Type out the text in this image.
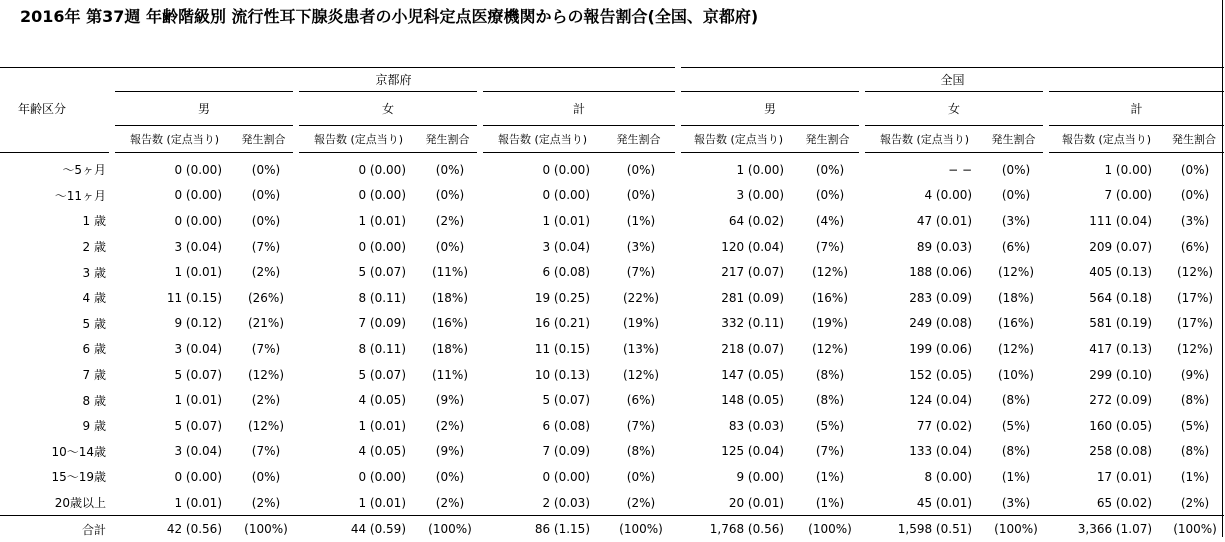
2016年 第37週 年齢階級別 流行性耳下腺炎患者の小児科定点医療機関からの報告割合(全国、京都府)
	京都府						全国					
年齢区分	男		女		計		男		女		計	
	報告数 (定点当り)	発生割合	報告数 (定点当り)	発生割合	報告数 (定点当り)	発生割合	報告数 (定点当り)	発生割合	報告数 (定点当り)	発生割合	報告数 (定点当り)	発生割合

〜5ヶ月	0 (0.00)	(0%)	0 (0.00)	(0%)	0 (0.00)	(0%)	1 (0.00)	(0%)	− −	(0%)	1 (0.00)	(0%)
〜11ヶ月	0 (0.00)	(0%)	0 (0.00)	(0%)	0 (0.00)	(0%)	3 (0.00)	(0%)	4 (0.00)	(0%)	7 (0.00)	(0%)
1 歳	0 (0.00)	(0%)	1 (0.01)	(2%)	1 (0.01)	(1%)	64 (0.02)	(4%)	47 (0.01)	(3%)	111 (0.04)	(3%)
2 歳	3 (0.04)	(7%)	0 (0.00)	(0%)	3 (0.04)	(3%)	120 (0.04)	(7%)	89 (0.03)	(6%)	209 (0.07)	(6%)
3 歳	1 (0.01)	(2%)	5 (0.07)	(11%)	6 (0.08)	(7%)	217 (0.07)	(12%)	188 (0.06)	(12%)	405 (0.13)	(12%)
4 歳	11 (0.15)	(26%)	8 (0.11)	(18%)	19 (0.25)	(22%)	281 (0.09)	(16%)	283 (0.09)	(18%)	564 (0.18)	(17%)
5 歳	9 (0.12)	(21%)	7 (0.09)	(16%)	16 (0.21)	(19%)	332 (0.11)	(19%)	249 (0.08)	(16%)	581 (0.19)	(17%)
6 歳	3 (0.04)	(7%)	8 (0.11)	(18%)	11 (0.15)	(13%)	218 (0.07)	(12%)	199 (0.06)	(12%)	417 (0.13)	(12%)
7 歳	5 (0.07)	(12%)	5 (0.07)	(11%)	10 (0.13)	(12%)	147 (0.05)	(8%)	152 (0.05)	(10%)	299 (0.10)	(9%)
8 歳	1 (0.01)	(2%)	4 (0.05)	(9%)	5 (0.07)	(6%)	148 (0.05)	(8%)	124 (0.04)	(8%)	272 (0.09)	(8%)
9 歳	5 (0.07)	(12%)	1 (0.01)	(2%)	6 (0.08)	(7%)	83 (0.03)	(5%)	77 (0.02)	(5%)	160 (0.05)	(5%)
10〜14歳	3 (0.04)	(7%)	4 (0.05)	(9%)	7 (0.09)	(8%)	125 (0.04)	(7%)	133 (0.04)	(8%)	258 (0.08)	(8%)
15〜19歳	0 (0.00)	(0%)	0 (0.00)	(0%)	0 (0.00)	(0%)	9 (0.00)	(1%)	8 (0.00)	(1%)	17 (0.01)	(1%)
20歳以上	1 (0.01)	(2%)	1 (0.01)	(2%)	2 (0.03)	(2%)	20 (0.01)	(1%)	45 (0.01)	(3%)	65 (0.02)	(2%)
合計	42 (0.56)	(100%)	44 (0.59)	(100%)	86 (1.15)	(100%)	1,768 (0.56)	(100%)	1,598 (0.51)	(100%)	3,366 (1.07)	(100%)
